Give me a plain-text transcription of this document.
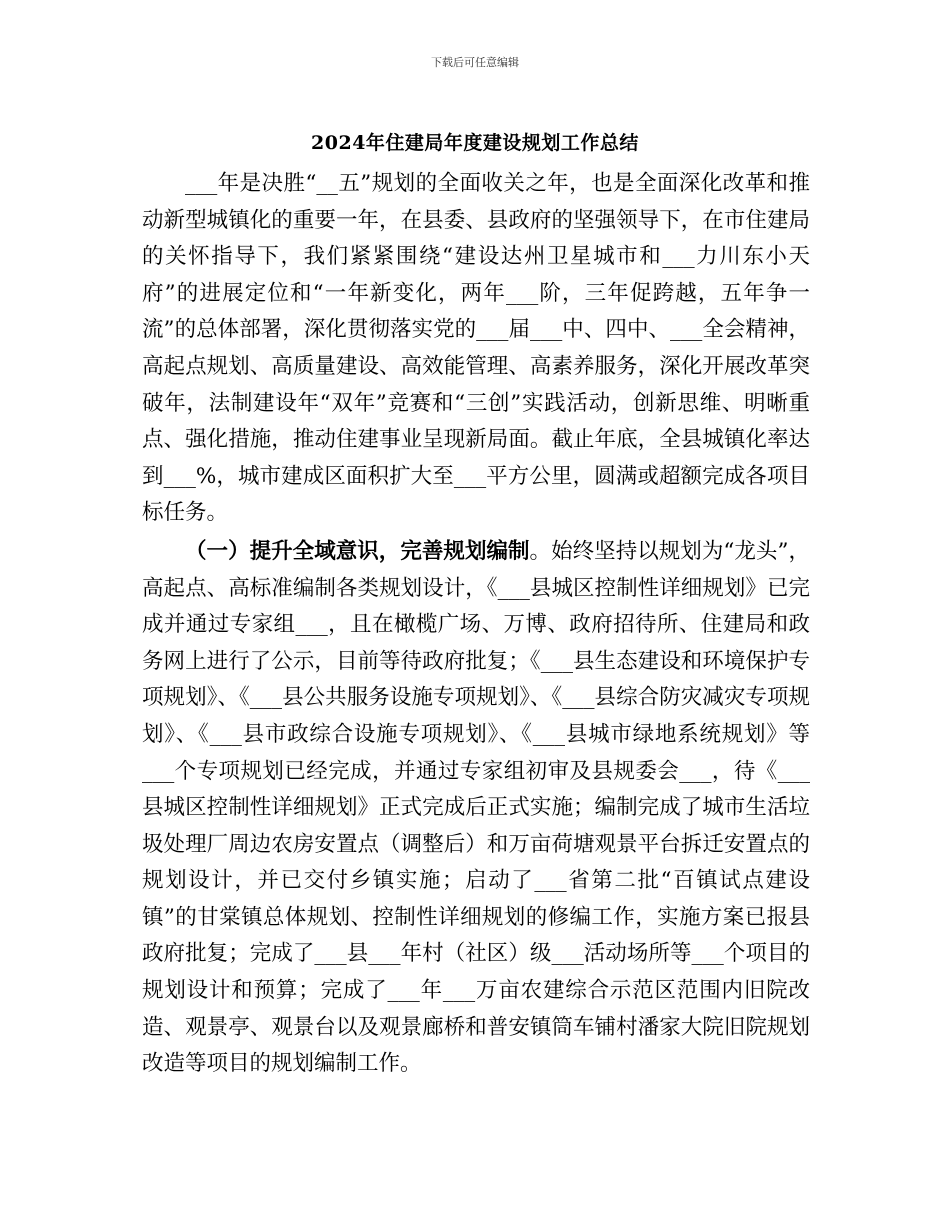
下载后可任意编辑
2024年住建局年度建设规划工作总结

___年是决胜“__五”规划的全面收关之年，也是全面深化改革和推动新型城镇化的重要一年，在县委、县政府的坚强领导下，在市住建局的关怀指导下，我们紧紧围绕“建设达州卫星城市和___力川东小天府”的进展定位和“一年新变化，两年___阶，三年促跨越，五年争一流”的总体部署，深化贯彻落实党的___届___中、四中、___全会精神，高起点规划、高质量建设、高效能管理、高素养服务，深化开展改革突破年，法制建设年“双年”竞赛和“三创”实践活动，创新思维、明晰重点、强化措施，推动住建事业呈现新局面。截止年底，全县城镇化率达到___%，城市建成区面积扩大至___平方公里，圆满或超额完成各项目标任务。

（一）提升全域意识，完善规划编制。始终坚持以规划为“龙头”，高起点、高标准编制各类规划设计，《___县城区控制性详细规划》已完成并通过专家组___，且在橄榄广场、万博、政府招待所、住建局和政务网上进行了公示，目前等待政府批复；《___县生态建设和环境保护专项规划》、《___县公共服务设施专项规划》、《___县综合防灾减灾专项规划》、《___县市政综合设施专项规划》、《___县城市绿地系统规划》等___个专项规划已经完成，并通过专家组初审及县规委会___，待《___县城区控制性详细规划》正式完成后正式实施；编制完成了城市生活垃圾处理厂周边农房安置点（调整后）和万亩荷塘观景平台拆迁安置点的规划设计，并已交付乡镇实施；启动了___省第二批“百镇试点建设镇”的甘棠镇总体规划、控制性详细规划的修编工作，实施方案已报县政府批复；完成了___县___年村（社区）级___活动场所等___个项目的规划设计和预算；完成了___年___万亩农建综合示范区范围内旧院改造、观景亭、观景台以及观景廊桥和普安镇筒车铺村潘家大院旧院规划改造等项目的规划编制工作。
